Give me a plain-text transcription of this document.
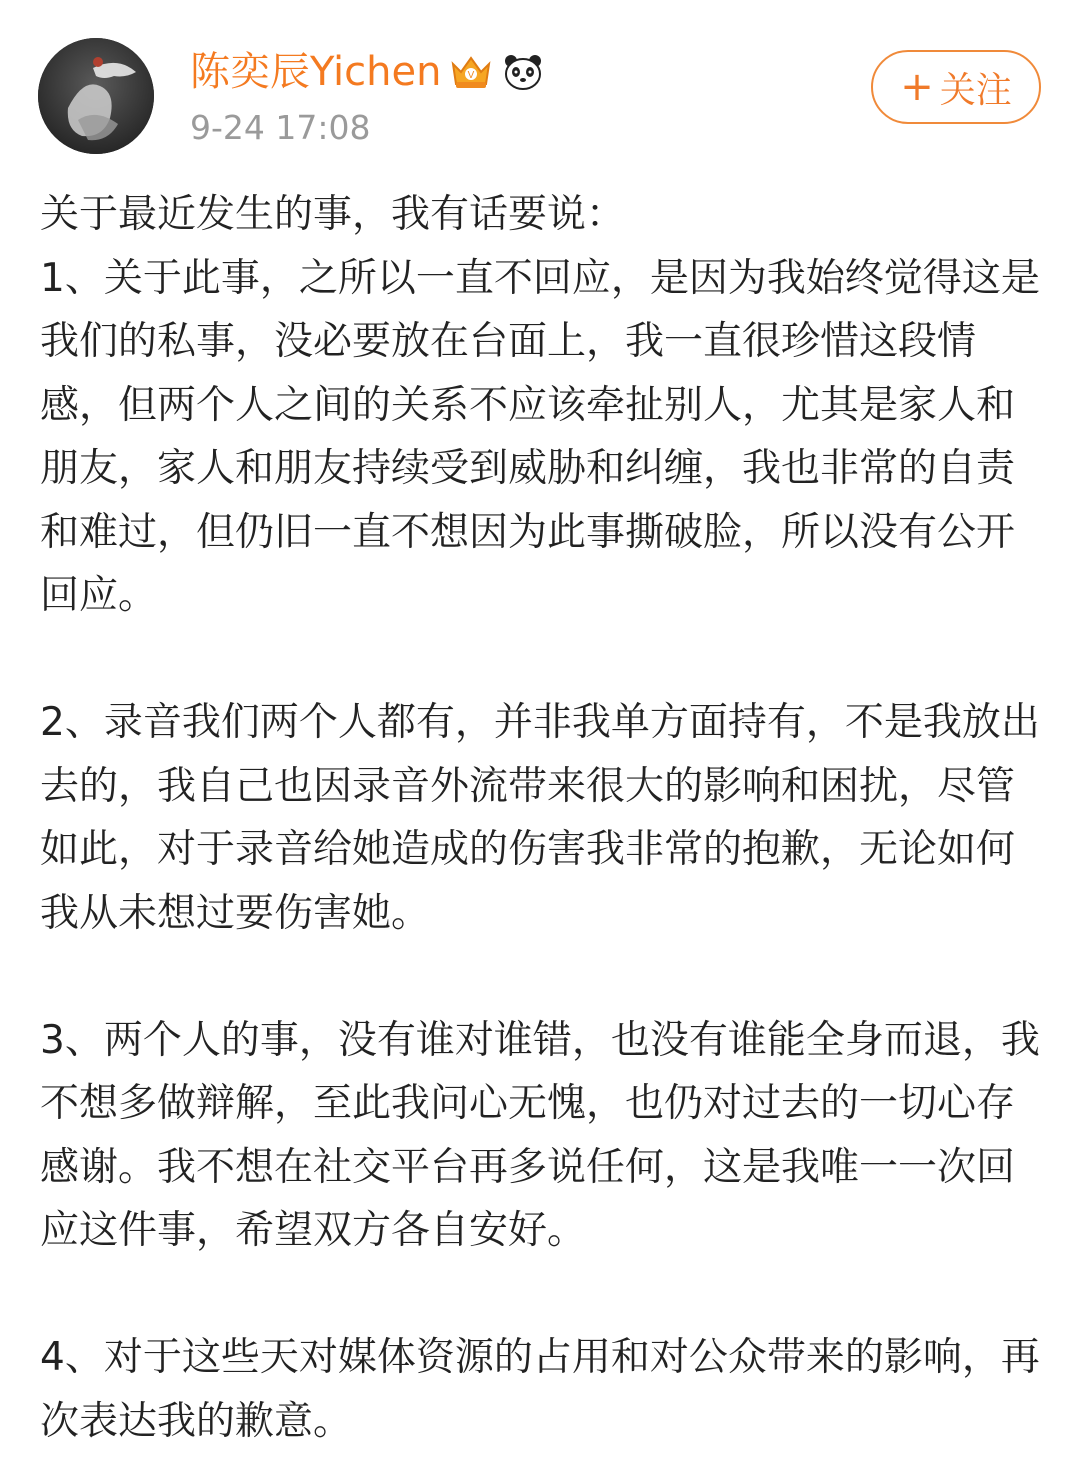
陈奕辰Yichen	V
9-24 17:08
+ 关注

关于最近发生的事，我有话要说：

1、关于此事，之所以一直不回应，是因为我始终觉得这是我们的私事，没必要放在台面上，我一直很珍惜这段情感，但两个人之间的关系不应该牵扯别人，尤其是家人和朋友，家人和朋友持续受到威胁和纠缠，我也非常的自责和难过，但仍旧一直不想因为此事撕破脸，所以没有公开回应。

2、录音我们两个人都有，并非我单方面持有，不是我放出去的，我自己也因录音外流带来很大的影响和困扰，尽管如此，对于录音给她造成的伤害我非常的抱歉，无论如何我从未想过要伤害她。

3、两个人的事，没有谁对谁错，也没有谁能全身而退，我不想多做辩解，至此我问心无愧，也仍对过去的一切心存感谢。我不想在社交平台再多说任何，这是我唯一一次回应这件事，希望双方各自安好。

4、对于这些天对媒体资源的占用和对公众带来的影响，再次表达我的歉意。
